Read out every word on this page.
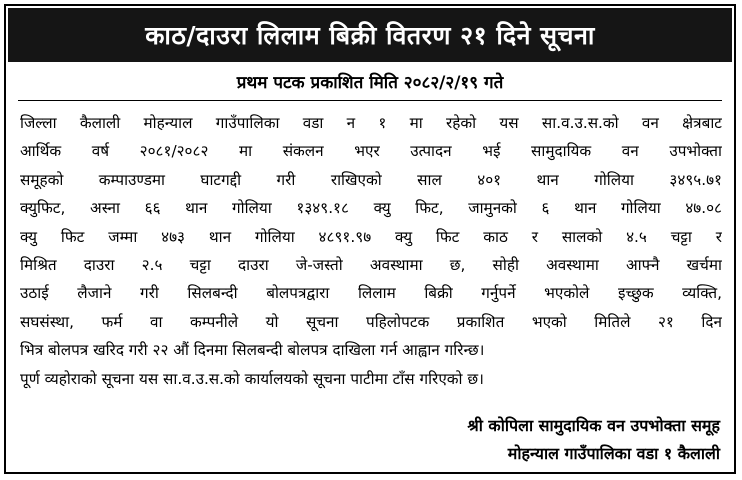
काठ/दाउरा लिलाम बिक्री वितरण २१ दिने सूचना
प्रथम पटक प्रकाशित मिति २०८२/२/१९ गते
जिल्ला कैलाली मोहन्याल गाउँपालिका वडा न १ मा रहेको यस सा.व.उ.स.को वन क्षेत्रबाट
आर्थिक वर्ष २०८१/२०८२ मा संकलन भएर उत्पादन भई सामुदायिक वन उपभोक्ता
समूहको कम्पाउण्डमा घाटगद्दी गरी राखिएको साल ४०१ थान गोलिया ३४९५.७१
क्युफिट, अस्ना ६६ थान गोलिया १३४९.१८ क्यु फिट, जामुनको ६ थान गोलिया ४७.०८
क्यु फिट जम्मा ४७३ थान गोलिया ४८९१.९७ क्यु फिट काठ र सालको ४.५ चट्टा र
मिश्रित दाउरा २.५ चट्टा दाउरा जे-जस्तो अवस्थामा छ, सोही अवस्थामा आफ्नै खर्चमा
उठाई लैजाने गरी सिलबन्दी बोलपत्रद्वारा लिलाम बिक्री गर्नुपर्ने भएकोले इच्छुक व्यक्ति,
सघसंस्था, फर्म वा कम्पनीले यो सूचना पहिलोपटक प्रकाशित भएको मितिले २१ दिन
भित्र बोलपत्र खरिद गरी २२ औं दिनमा सिलबन्दी बोलपत्र दाखिला गर्न आह्वान गरिन्छ।
पूर्ण व्यहोराको सूचना यस सा.व.उ.स.को कार्यालयको सूचना पाटीमा टाँस गरिएको छ।
श्री कोपिला सामुदायिक वन उपभोक्ता समूह
मोहन्याल गाउँपालिका वडा १ कैलाली
